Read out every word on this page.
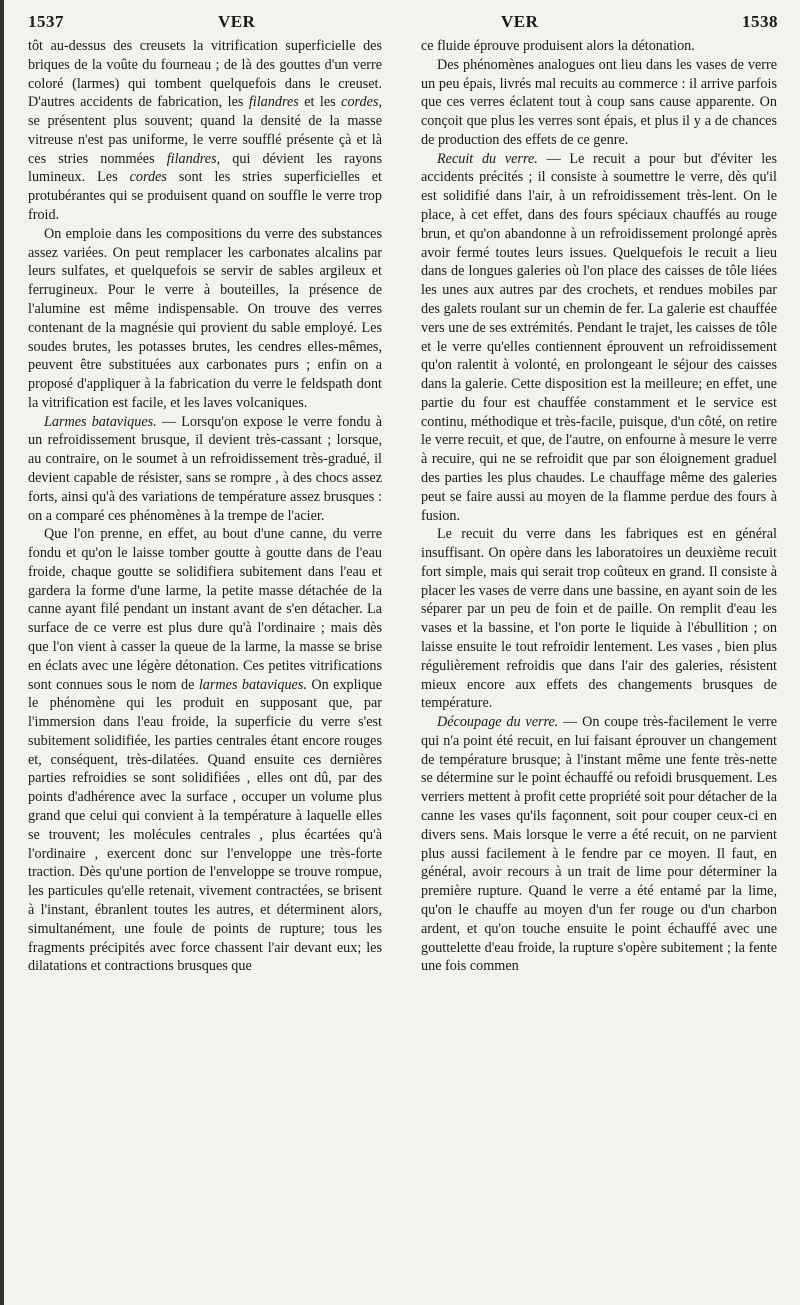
1537	VER	VER	1538

tôt au-dessus des creusets la vitrification superficielle des briques de la voûte du fourneau ; de là des gouttes d'un verre coloré (larmes) qui tombent quelquefois dans le creuset. D'autres accidents de fabrication, les filandres et les cordes, se présentent plus souvent; quand la densité de la masse vitreuse n'est pas uniforme, le verre soufflé présente çà et là ces stries nommées filandres, qui dévient les rayons lumineux. Les cordes sont les stries superficielles et protubérantes qui se produisent quand on souffle le verre trop froid.

On emploie dans les compositions du verre des substances assez variées. On peut remplacer les carbonates alcalins par leurs sulfates, et quelquefois se servir de sables argileux et ferrugineux. Pour le verre à bouteilles, la présence de l'alumine est même indispensable. On trouve des verres contenant de la magnésie qui provient du sable employé. Les soudes brutes, les potasses brutes, les cendres elles-mêmes, peuvent être substituées aux carbonates purs ; enfin on a proposé d'appliquer à la fabrication du verre le feldspath dont la vitrification est facile, et les laves volcaniques.

Larmes bataviques. — Lorsqu'on expose le verre fondu à un refroidissement brusque, il devient très-cassant ; lorsque, au contraire, on le soumet à un refroidissement très-gradué, il devient capable de résister, sans se rompre , à des chocs assez forts, ainsi qu'à des variations de température assez brusques : on a comparé ces phénomènes à la trempe de l'acier.

Que l'on prenne, en effet, au bout d'une canne, du verre fondu et qu'on le laisse tomber goutte à goutte dans de l'eau froide, chaque goutte se solidifiera subitement dans l'eau et gardera la forme d'une larme, la petite masse détachée de la canne ayant filé pendant un instant avant de s'en détacher. La surface de ce verre est plus dure qu'à l'ordinaire ; mais dès que l'on vient à casser la queue de la larme, la masse se brise en éclats avec une légère détonation. Ces petites vitrifications sont connues sous le nom de larmes bataviques. On explique le phénomène qui les produit en supposant que, par l'immersion dans l'eau froide, la superficie du verre s'est subitement solidifiée, les parties centrales étant encore rouges et, conséquent, très-dilatées. Quand ensuite ces dernières parties refroidies se sont solidifiées , elles ont dû, par des points d'adhérence avec la surface , occuper un volume plus grand que celui qui convient à la température à laquelle elles se trouvent; les molécules centrales , plus écartées qu'à l'ordinaire , exercent donc sur l'enveloppe une très-forte traction. Dès qu'une portion de l'enveloppe se trouve rompue, les particules qu'elle retenait, vivement contractées, se brisent à l'instant, ébranlent toutes les autres, et déterminent alors, simultanément, une foule de points de rupture; tous les fragments précipités avec force chassent l'air devant eux; les dilatations et contractions brusques que

ce fluide éprouve produisent alors la détonation.

Des phénomènes analogues ont lieu dans les vases de verre un peu épais, livrés mal recuits au commerce : il arrive parfois que ces verres éclatent tout à coup sans cause apparente. On conçoit que plus les verres sont épais, et plus il y a de chances de production des effets de ce genre.

Recuit du verre. — Le recuit a pour but d'éviter les accidents précités ; il consiste à soumettre le verre, dès qu'il est solidifié dans l'air, à un refroidissement très-lent. On le place, à cet effet, dans des fours spéciaux chauffés au rouge brun, et qu'on abandonne à un refroidissement prolongé après avoir fermé toutes leurs issues. Quelquefois le recuit a lieu dans de longues galeries où l'on place des caisses de tôle liées les unes aux autres par des crochets, et rendues mobiles par des galets roulant sur un chemin de fer. La galerie est chauffée vers une de ses extrémités. Pendant le trajet, les caisses de tôle et le verre qu'elles contiennent éprouvent un refroidissement qu'on ralentit à volonté, en prolongeant le séjour des caisses dans la galerie. Cette disposition est la meilleure; en effet, une partie du four est chauffée constamment et le service est continu, méthodique et très-facile, puisque, d'un côté, on retire le verre recuit, et que, de l'autre, on enfourne à mesure le verre à recuire, qui ne se refroidit que par son éloignement graduel des parties les plus chaudes. Le chauffage même des galeries peut se faire aussi au moyen de la flamme perdue des fours à fusion.

Le recuit du verre dans les fabriques est en général insuffisant. On opère dans les laboratoires un deuxième recuit fort simple, mais qui serait trop coûteux en grand. Il consiste à placer les vases de verre dans une bassine, en ayant soin de les séparer par un peu de foin et de paille. On remplit d'eau les vases et la bassine, et l'on porte le liquide à l'ébullition ; on laisse ensuite le tout refroidir lentement. Les vases , bien plus régulièrement refroidis que dans l'air des galeries, résistent mieux encore aux effets des changements brusques de température.

Découpage du verre. — On coupe très-facilement le verre qui n'a point été recuit, en lui faisant éprouver un changement de température brusque; à l'instant même une fente très-nette se détermine sur le point échauffé ou refoidi brusquement. Les verriers mettent à profit cette propriété soit pour détacher de la canne les vases qu'ils façonnent, soit pour couper ceux-ci en divers sens. Mais lorsque le verre a été recuit, on ne parvient plus aussi facilement à le fendre par ce moyen. Il faut, en général, avoir recours à un trait de lime pour déterminer la première rupture. Quand le verre a été entamé par la lime, qu'on le chauffe au moyen d'un fer rouge ou d'un charbon ardent, et qu'on touche ensuite le point échauffé avec une gouttelette d'eau froide, la rupture s'opère subitement ; la fente une fois commen
